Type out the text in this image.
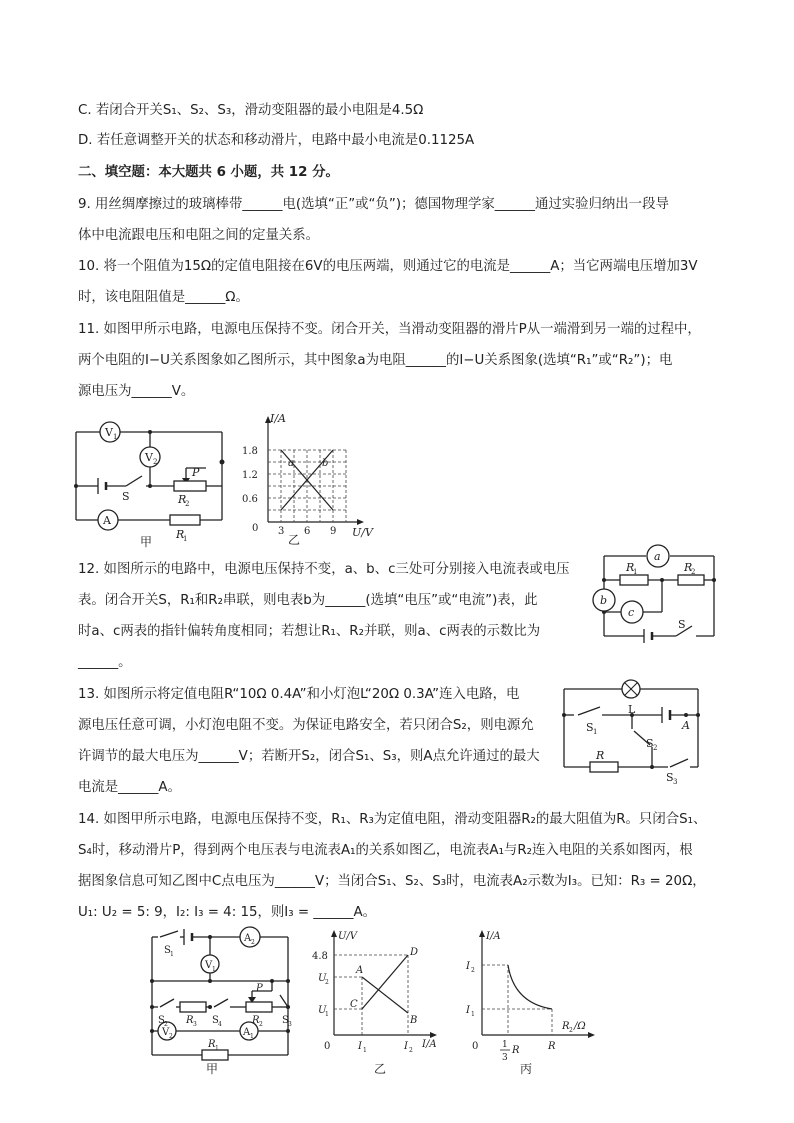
C. 若闭合开关S₁、S₂、S₃，滑动变阻器的最小电阻是4.5Ω
D. 若任意调整开关的状态和移动滑片，电路中最小电流是0.1125A
二、填空题：本大题共 6 小题，共 12 分。
9. 用丝绸摩擦过的玻璃棒带______电(选填“正”或“负”)；德国物理学家______通过实验归纳出一段导
体中电流跟电压和电阻之间的定量关系。
10. 将一个阻值为15Ω的定值电阻接在6V的电压两端，则通过它的电流是______A；当它两端电压增加3V
时，该电阻阻值是______Ω。
11. 如图甲所示电路，电源电压保持不变。闭合开关，当滑动变阻器的滑片P从一端滑到另一端的过程中，
两个电阻的I−U关系图象如乙图所示，其中图象a为电阻______的I−U关系图象(选填“R₁”或“R₂”)；电
源电压为______V。
12. 如图所示的电路中，电源电压保持不变，a、b、c三处可分别接入电流表或电压
表。闭合开关S，R₁和R₂串联，则电表b为______(选填“电压”或“电流”)表，此
时a、c两表的指针偏转角度相同；若想让R₁、R₂并联，则a、c两表的示数比为
______。
13. 如图所示将定值电阻R“10Ω 0.4A”和小灯泡L“20Ω 0.3A”连入电路，电
源电压任意可调，小灯泡电阻不变。为保证电路安全，若只闭合S₂，则电源允
许调节的最大电压为______V；若断开S₂，闭合S₁、S₃，则A点允许通过的最大
电流是______A。
14. 如图甲所示电路，电源电压保持不变，R₁、R₃为定值电阻，滑动变阻器R₂的最大阻值为R。只闭合S₁、
S₄时，移动滑片P，得到两个电压表与电流表A₁的关系如图乙，电流表A₁与R₂连入电阻的关系如图丙，根
据图象信息可知乙图中C点电压为______V；当闭合S₁、S₂、S₃时，电流表A₂示数为I₃。已知：R₃ = 20Ω，
U₁: U₂ = 5: 9，I₂: I₃ = 4: 15，则I₃ = ______A。
V 1
V 2
A
S
P
R
2
R
1
甲
a	b
I/A
U/V
1.8
1.2
0.6
3 6 9
0
乙
a
b
c
R
1	R
2
S
L
S 1
S 2
S 3
R
A
A 2
V 1
V 2	A 1
S 1
S 2 R 3 S 4
P
R 2 S 3
R 1
甲
U/V
I/A
4.8
U
2
U
1
A
B
C
D
0	I 1	I 2
乙
I/A
I 2
I 1
0	1
3
R	R
R 2 /Ω
丙
